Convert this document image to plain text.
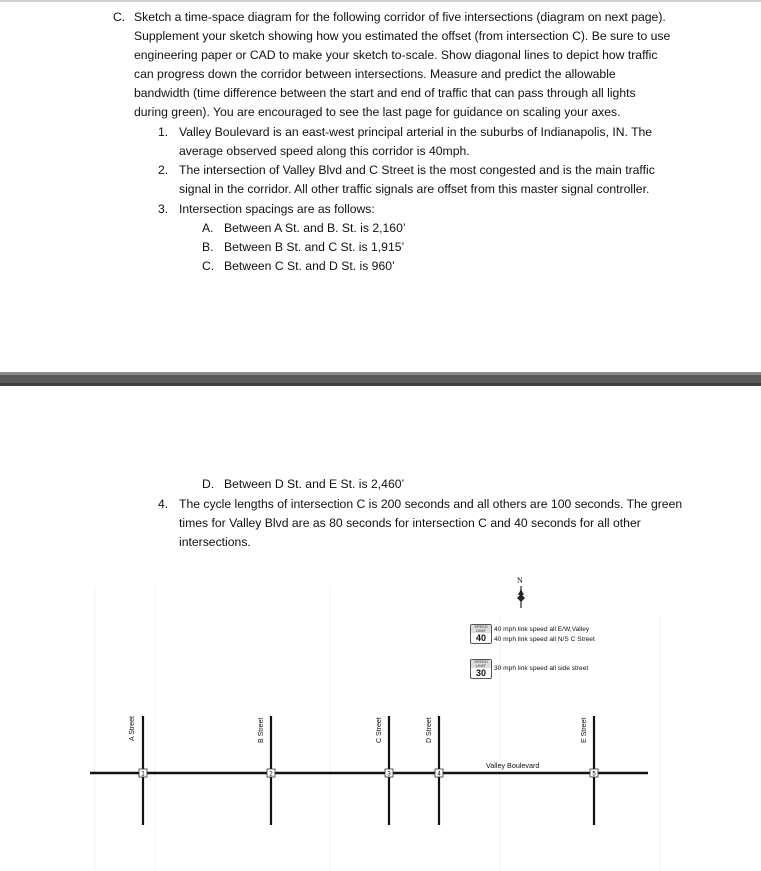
C. Sketch a time-space diagram for the following corridor of five intersections (diagram on next page).
Supplement your sketch showing how you estimated the offset (from intersection C). Be sure to use
engineering paper or CAD to make your sketch to-scale. Show diagonal lines to depict how traffic
can progress down the corridor between intersections. Measure and predict the allowable
bandwidth (time difference between the start and end of traffic that can pass through all lights
during green). You are encouraged to see the last page for guidance on scaling your axes.
1. Valley Boulevard is an east-west principal arterial in the suburbs of Indianapolis, IN. The
average observed speed along this corridor is 40mph.
2. The intersection of Valley Blvd and C Street is the most congested and is the main traffic
signal in the corridor. All other traffic signals are offset from this master signal controller.
3. Intersection spacings are as follows:
A. Between A St. and B. St. is 2,160’
B. Between B St. and C St. is 1,915’
C. Between C St. and D St. is 960’
D. Between D St. and E St. is 2,460’
4. The cycle lengths of intersection C is 200 seconds and all others are 100 seconds. The green
times for Valley Blvd are as 80 seconds for intersection C and 40 seconds for all other
intersections.
1	2	3	4	5
N
SPEED
LIMIT
40
40 mph link speed all E/W,Valley
40 mph link speed all N/S C Street
SPEED
LIMIT
30	30 mph link speed all side street
A Street	B Street	C Street	D Street	E Street
Valley Boulevard
